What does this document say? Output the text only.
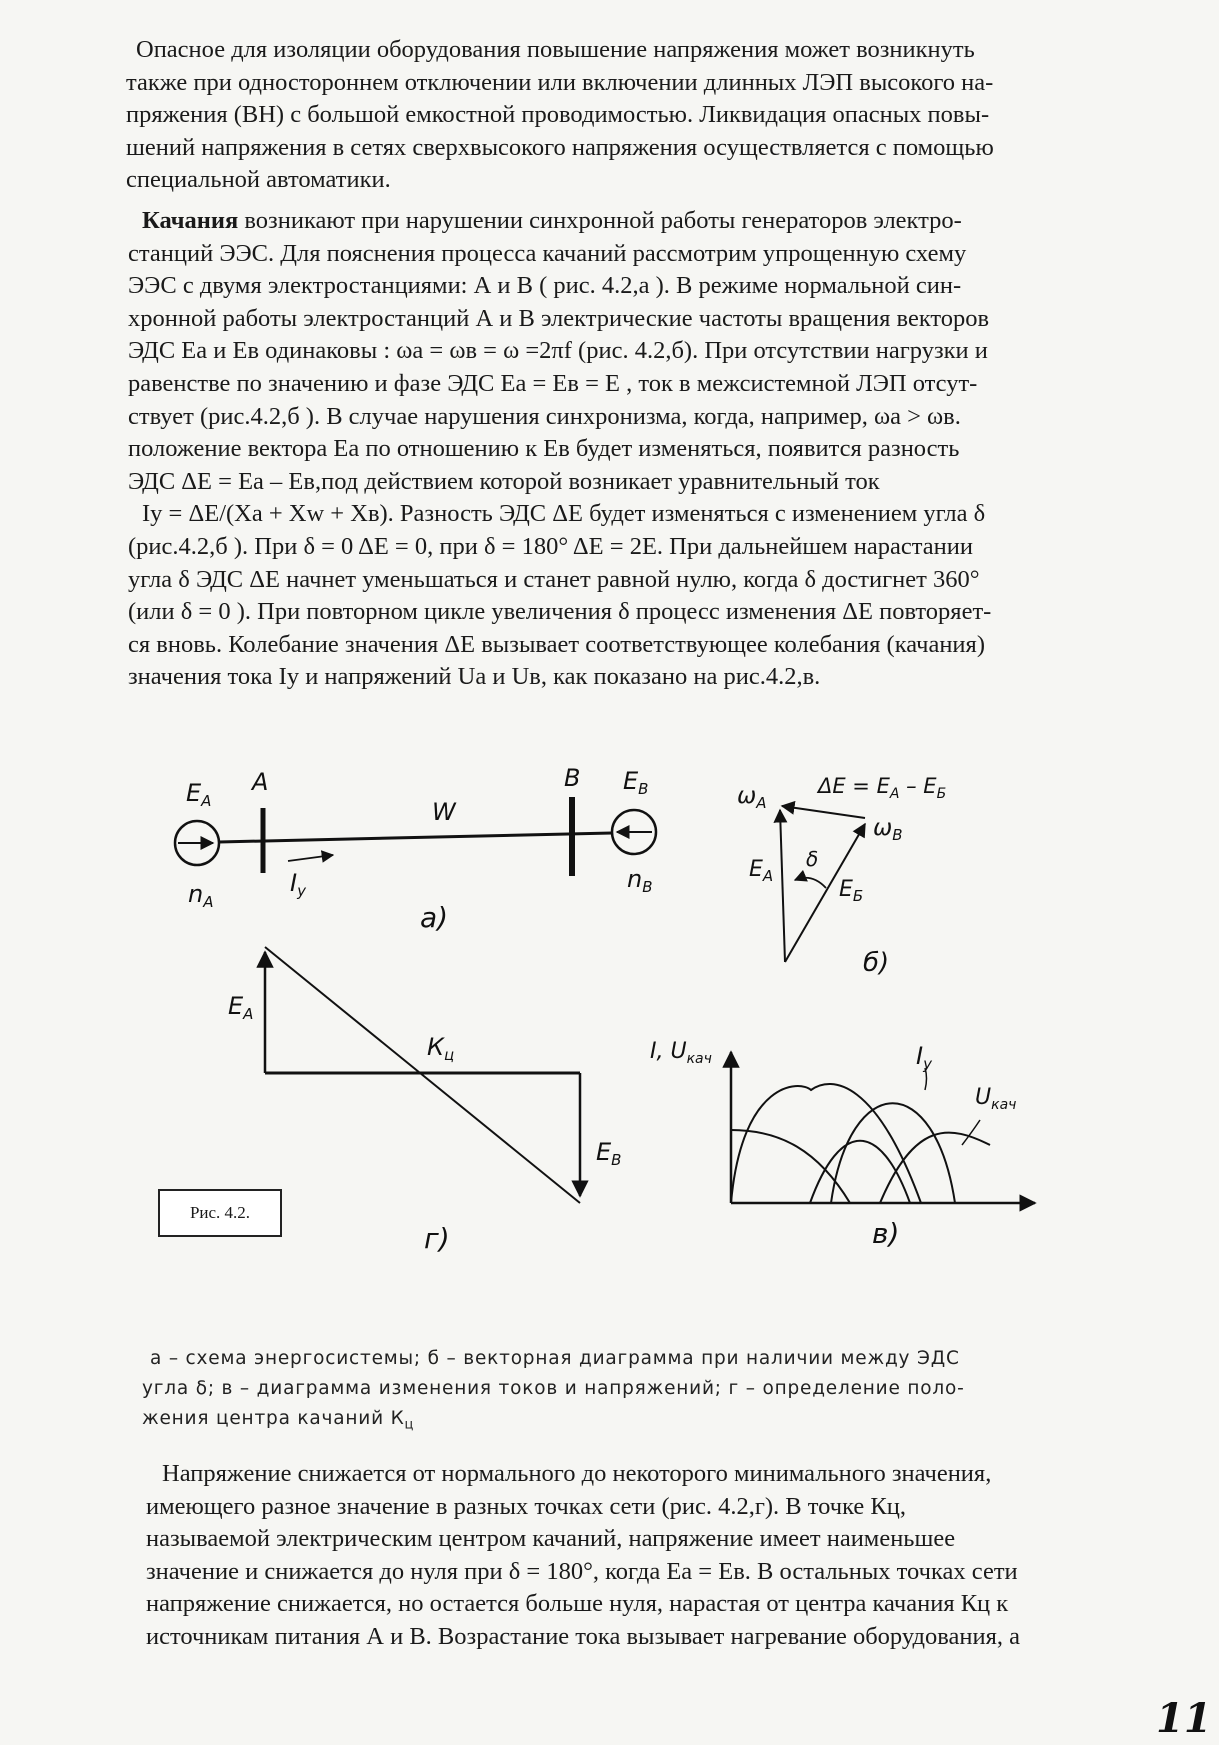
Опасное для изоляции оборудования повышение напряжения может возникнуть
также при одностороннем отключении или включении длинных ЛЭП высокого на-
пряжения (ВН) с большой емкостной проводимостью. Ликвидация опасных повы-
шений напряжения в сетях сверхвысокого напряжения осуществляется с помощью
специальной автоматики.
Качания возникают при нарушении синхронной работы генераторов электро-
станций ЭЭС. Для пояснения процесса качаний рассмотрим упрощенную схему
ЭЭС с двумя электростанциями: А и В ( рис. 4.2,а ). В режиме нормальной син-
хронной работы электростанций А и В электрические частоты вращения векторов
ЭДС Еа и Ев одинаковы : ωа = ωв = ω =2πf (рис. 4.2,б). При отсутствии нагрузки и
равенстве по значению и фазе ЭДС Еа = Ев = Е , ток в межсистемной ЛЭП отсут-
ствует (рис.4.2,б ). В случае нарушения синхронизма, когда, например, ωа > ωв.
положение вектора Еа по отношению к Ев будет изменяться, появится разность
ЭДС ΔЕ = Еа – Ев,под действием которой возникает уравнительный ток
Iу = ΔЕ/(Ха + Хw + Хв). Разность ЭДС ΔЕ будет изменяться с изменением угла δ
(рис.4.2,б ). При δ = 0 ΔЕ = 0, при δ = 180° ΔЕ = 2Е. При дальнейшем нарастании
угла δ ЭДС ΔЕ начнет уменьшаться и станет равной нулю, когда δ достигнет 360°
(или δ = 0 ). При повторном цикле увеличения δ процесс изменения ΔЕ повторяет-
ся вновь. Колебание значения ΔЕ вызывает соответствующее колебания (качания)
значения тока Iу и напряжений Uа и Uв, как показано на рис.4.2,в.
$Е_А$
А	В $Е_В$
W
$n_А$
$n_В$
$I_у$
а)
$\Delta Е = Е_А - Е_Б$
$\omega_А$
$\omega_В$
$Е_А$
$Е_Б$
δ
б)
$Е_А$
$К_ц$
$Е_В$
г)
I, $U_{кач}$	$I_у$
$U_{кач}$
в)
Рис. 4.2.
а – схема энергосистемы; б – векторная диаграмма при наличии между ЭДС
угла δ; в – диаграмма изменения токов и напряжений; г – определение поло-
жения центра качаний $К_ц$
Напряжение снижается от нормального до некоторого минимального значения,
имеющего разное значение в разных точках сети (рис. 4.2,г). В точке Кц,
называемой электрическим центром качаний, напряжение имеет наименьшее
значение и снижается до нуля при δ = 180°, когда Еа = Ев. В остальных точках сети
напряжение снижается, но остается больше нуля, нарастая от центра качания Кц к
источникам питания А и В. Возрастание тока вызывает нагревание оборудования, а
11
